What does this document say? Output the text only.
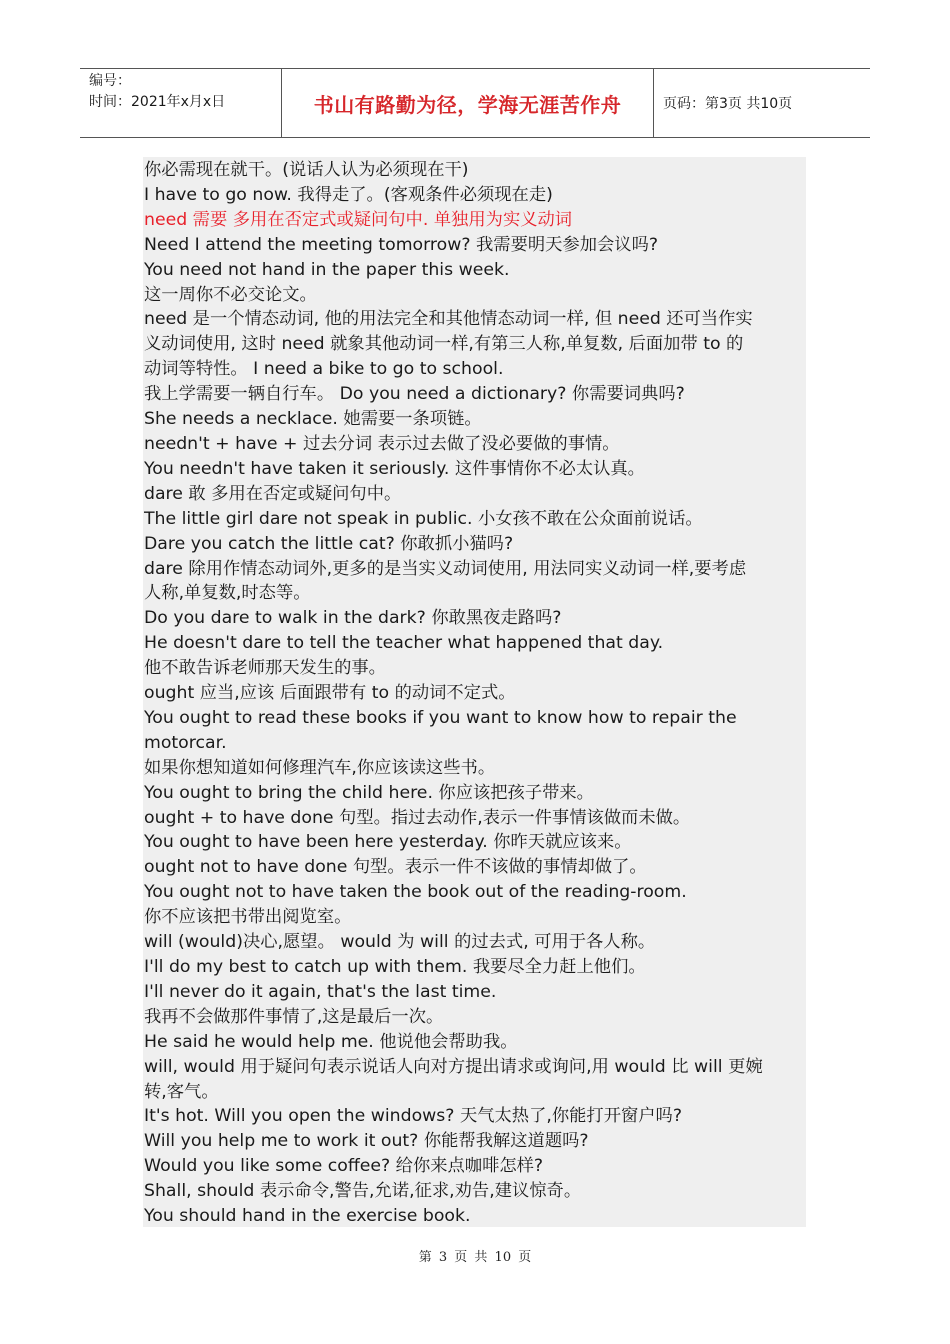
编号：
时间：2021年x月x日	书山有路勤为径，学海无涯苦作舟	页码：第3页 共10页
你必需现在就干。(说话人认为必须现在干)
I have to go now. 我得走了。(客观条件必须现在走)
need 需要 多用在否定式或疑问句中. 单独用为实义动词
Need I attend the meeting tomorrow? 我需要明天参加会议吗?
You need not hand in the paper this week.
这一周你不必交论文。
need 是一个情态动词, 他的用法完全和其他情态动词一样, 但 need 还可当作实
义动词使用, 这时 need 就象其他动词一样,有第三人称,单复数, 后面加带 to 的
动词等特性。 I need a bike to go to school.
我上学需要一辆自行车。 Do you need a dictionary? 你需要词典吗?
She needs a necklace. 她需要一条项链。
needn't + have + 过去分词 表示过去做了没必要做的事情。
You needn't have taken it seriously. 这件事情你不必太认真。
dare 敢 多用在否定或疑问句中。
The little girl dare not speak in public. 小女孩不敢在公众面前说话。
Dare you catch the little cat? 你敢抓小猫吗?
dare 除用作情态动词外,更多的是当实义动词使用, 用法同实义动词一样,要考虑
人称,单复数,时态等。
Do you dare to walk in the dark? 你敢黑夜走路吗?
He doesn't dare to tell the teacher what happened that day.
他不敢告诉老师那天发生的事。
ought 应当,应该 后面跟带有 to 的动词不定式。
You ought to read these books if you want to know how to repair the
motorcar.
如果你想知道如何修理汽车,你应该读这些书。
You ought to bring the child here. 你应该把孩子带来。
ought + to have done 句型。指过去动作,表示一件事情该做而未做。
You ought to have been here yesterday. 你昨天就应该来。
ought not to have done 句型。表示一件不该做的事情却做了。
You ought not to have taken the book out of the reading-room.
你不应该把书带出阅览室。
will (would)决心,愿望。 would 为 will 的过去式, 可用于各人称。
I'll do my best to catch up with them. 我要尽全力赶上他们。
I'll never do it again, that's the last time.
我再不会做那件事情了,这是最后一次。
He said he would help me. 他说他会帮助我。
will, would 用于疑问句表示说话人向对方提出请求或询问,用 would 比 will 更婉
转,客气。
It's hot. Will you open the windows? 天气太热了,你能打开窗户吗?
Will you help me to work it out? 你能帮我解这道题吗?
Would you like some coffee? 给你来点咖啡怎样?
Shall, should 表示命令,警告,允诺,征求,劝告,建议惊奇。
You should hand in the exercise book.
第 3 页 共 10 页
